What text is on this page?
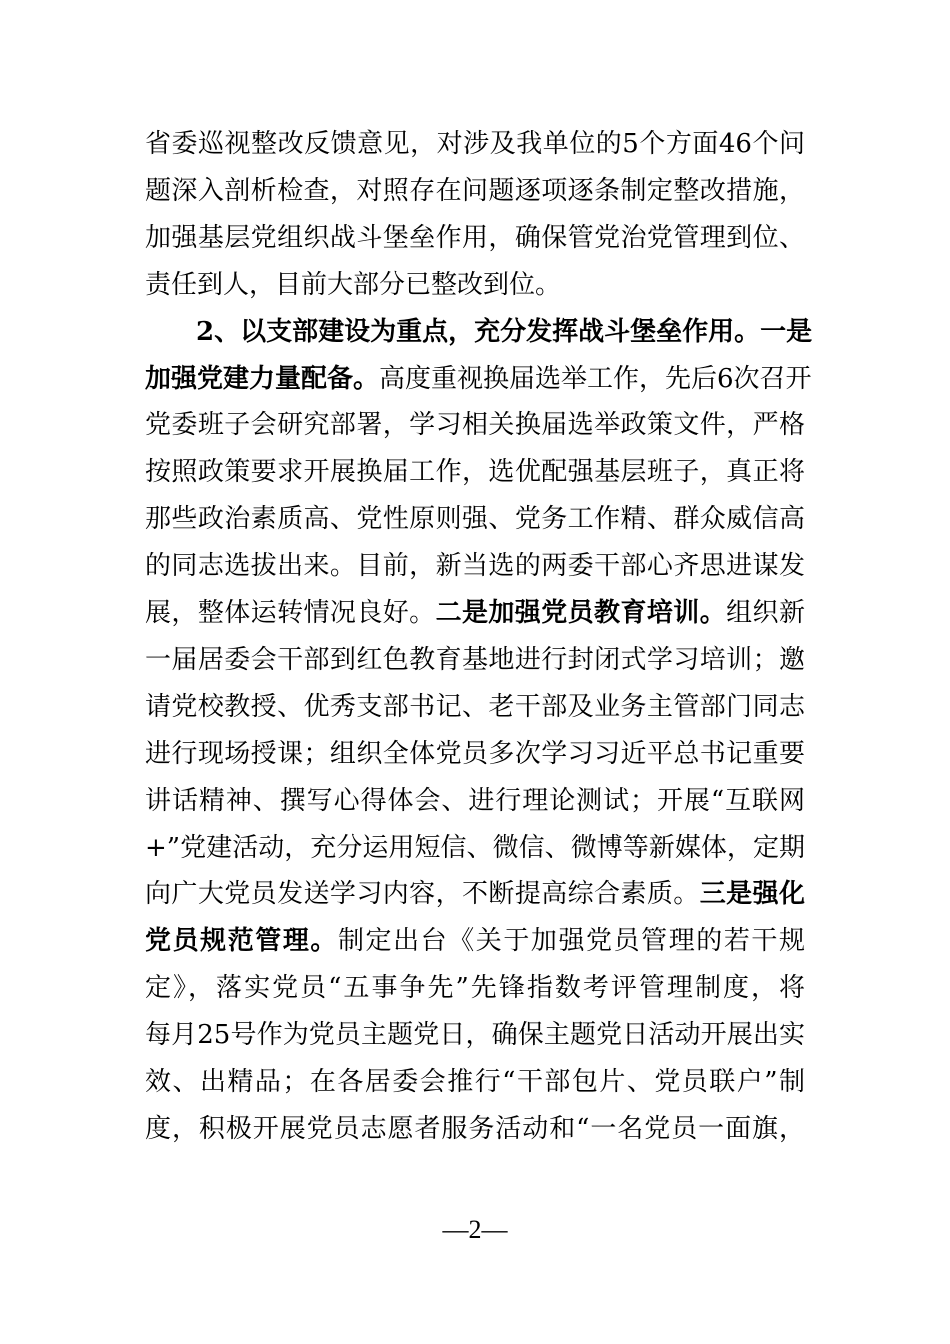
省委巡视整改反馈意见，对涉及我单位的5个方面46个问
题深入剖析检查，对照存在问题逐项逐条制定整改措施，
加强基层党组织战斗堡垒作用，确保管党治党管理到位、
责任到人，目前大部分已整改到位。
2、以支部建设为重点，充分发挥战斗堡垒作用。一是
加强党建力量配备。高度重视换届选举工作，先后6次召开
党委班子会研究部署，学习相关换届选举政策文件，严格
按照政策要求开展换届工作，选优配强基层班子，真正将
那些政治素质高、党性原则强、党务工作精、群众威信高
的同志选拔出来。目前，新当选的两委干部心齐思进谋发
展，整体运转情况良好。二是加强党员教育培训。组织新
一届居委会干部到红色教育基地进行封闭式学习培训；邀
请党校教授、优秀支部书记、老干部及业务主管部门同志
进行现场授课；组织全体党员多次学习习近平总书记重要
讲话精神、撰写心得体会、进行理论测试；开展“互联网
+”党建活动，充分运用短信、微信、微博等新媒体，定期
向广大党员发送学习内容，不断提高综合素质。三是强化
党员规范管理。制定出台《关于加强党员管理的若干规
定》，落实党员“五事争先”先锋指数考评管理制度，将
每月25号作为党员主题党日，确保主题党日活动开展出实
效、出精品；在各居委会推行“干部包片、党员联户”制
度，积极开展党员志愿者服务活动和“一名党员一面旗，
—2—
